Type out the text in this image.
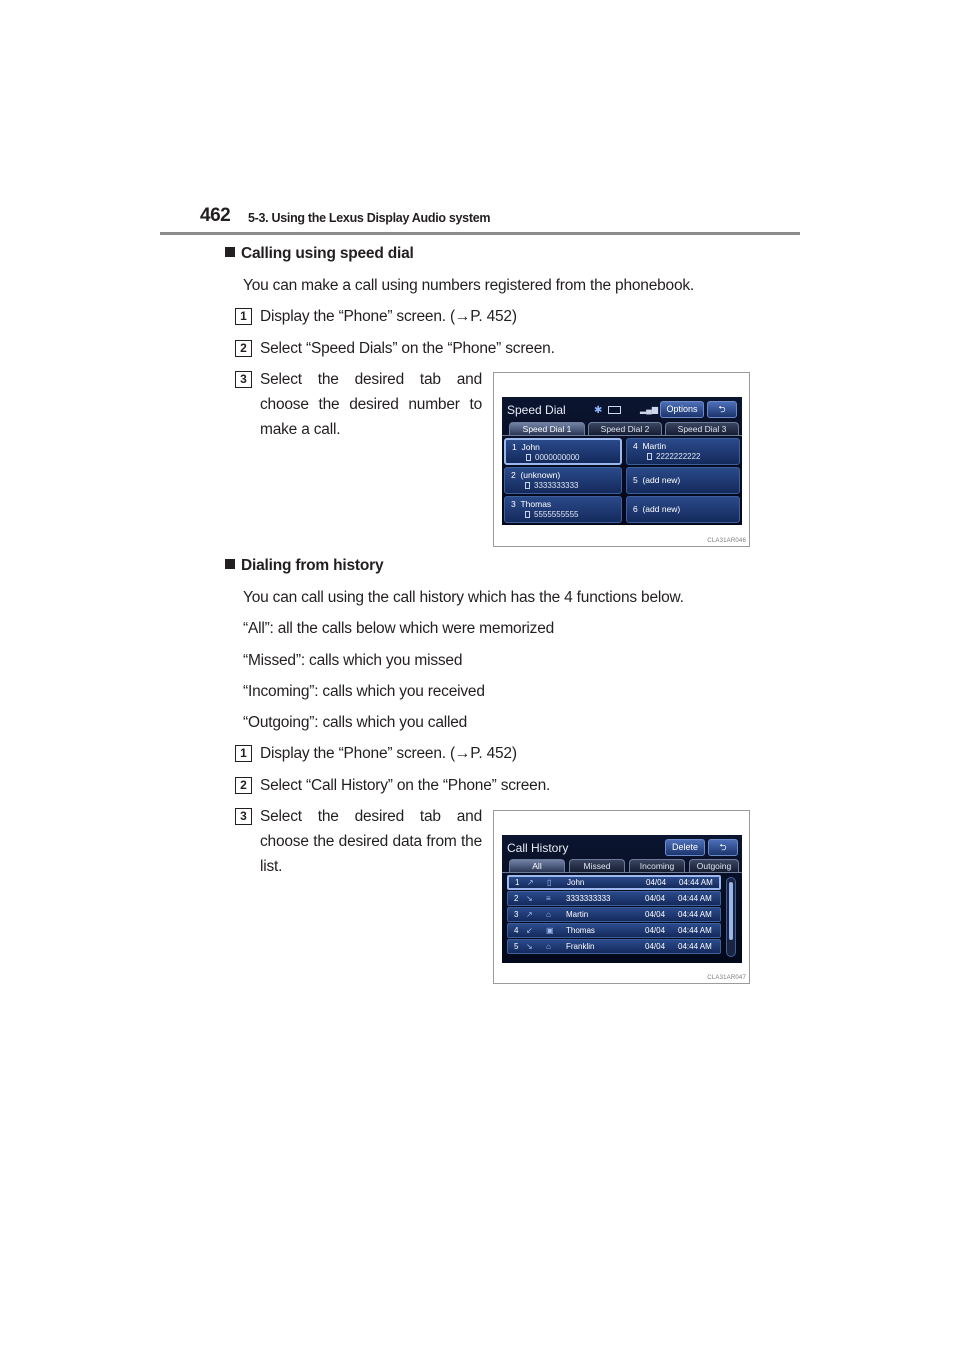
462 5-3. Using the Lexus Display Audio system
Calling using speed dial
You can make a call using numbers registered from the phonebook.
1 Display the “Phone” screen. (→P. 452)
2 Select “Speed Dials” on the “Phone” screen.
3 Select the desired tab and choose the desired number to make a call.
Speed Dial	✱	▂▄▆ Options	⮌
Speed Dial 1	Speed Dial 2	Speed Dial 3
1 John
0000000000
4 Martin
2222222222
2 (unknown)
3333333333
5 (add new)
3 Thomas
5555555555
6 (add new)
CLA31AR046
Dialing from history
You can call using the call history which has the 4 functions below.
“All”: all the calls below which were memorized
“Missed”: calls which you missed
“Incoming”: calls which you received
“Outgoing”: calls which you called
1 Display the “Phone” screen. (→P. 452)
2 Select “Call History” on the “Phone” screen.
3 Select the desired tab and choose the desired data from the list.
Call History	Delete	⮌
All	Missed	Incoming	Outgoing
1 ↗ ▯ John	04/04 04:44 AM
2 ↘ ≡ 3333333333	04/04 04:44 AM
3 ↗ ⌂ Martin	04/04 04:44 AM
4 ↙ ▣ Thomas	04/04 04:44 AM
5 ↘ ⌂ Franklin	04/04 04:44 AM
CLA31AR047
